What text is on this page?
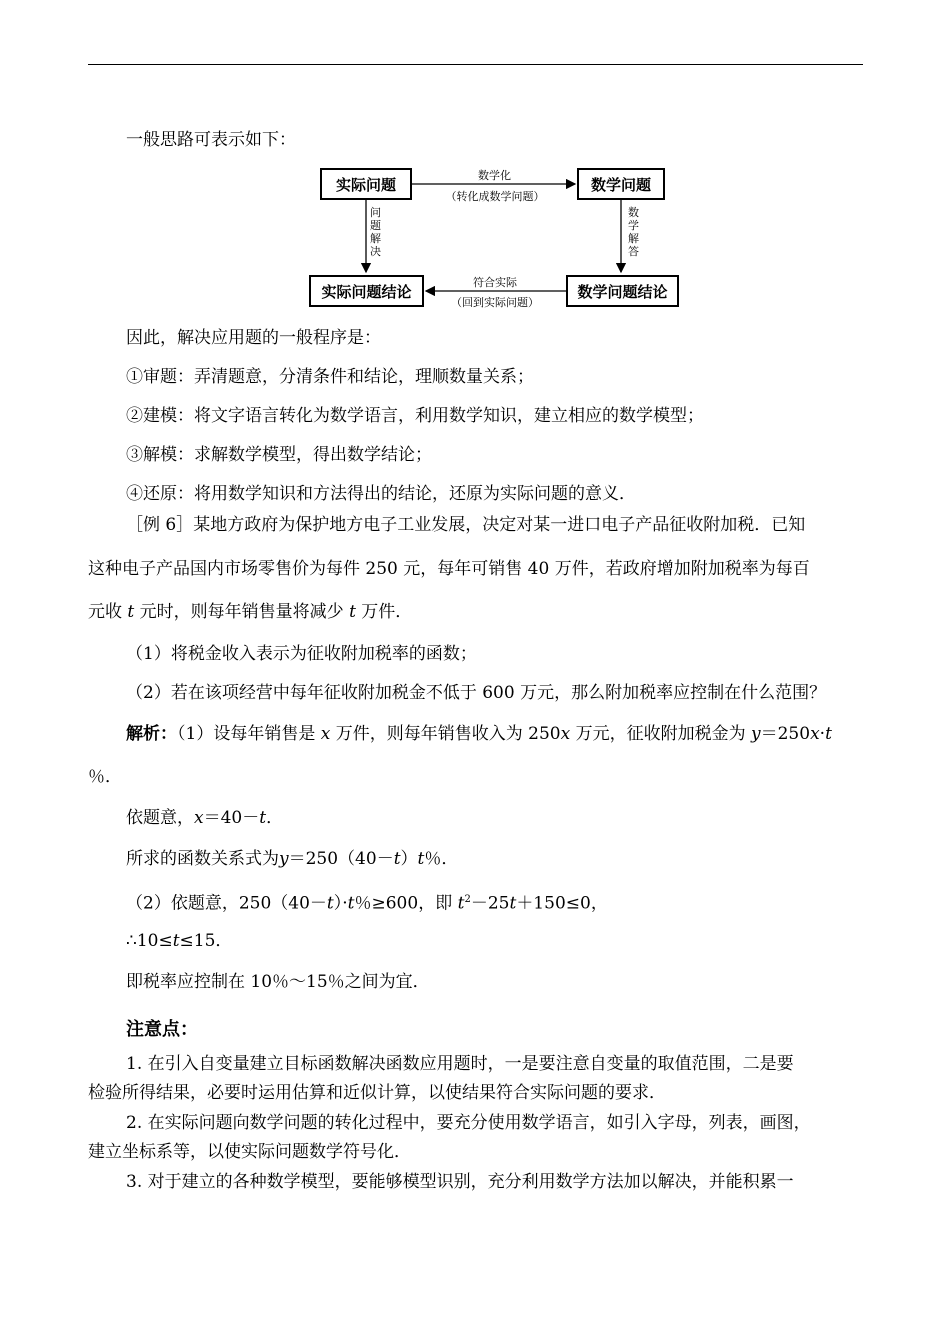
一般思路可表示如下：
实际问题	数学问题
实际问题结论	数学问题结论
数学化
（转化成数学问题）
符合实际
（回到实际问题）
问题解决
数学解答
因此，解决应用题的一般程序是：
①审题：弄清题意，分清条件和结论，理顺数量关系；
②建模：将文字语言转化为数学语言，利用数学知识，建立相应的数学模型；
③解模：求解数学模型，得出数学结论；
④还原：将用数学知识和方法得出的结论，还原为实际问题的意义．
［例 6］某地方政府为保护地方电子工业发展，决定对某一进口电子产品征收附加税．已知
这种电子产品国内市场零售价为每件 250 元，每年可销售 40 万件，若政府增加附加税率为每百
元收 t 元时，则每年销售量将减少 t 万件．
（1）将税金收入表示为征收附加税率的函数；
（2）若在该项经营中每年征收附加税金不低于 600 万元，那么附加税率应控制在什么范围？
解析：（1）设每年销售是 x 万件，则每年销售收入为 250x 万元，征收附加税金为 y＝250x·t
％．
依题意，x＝40－t．
所求的函数关系式为y＝250（40－t）t％．
（2）依题意，250（40－t）·t％≥600，即 $t^2-25t+150\le 0$，
∴10≤t≤15．
即税率应控制在 10％～15％之间为宜．
注意点：
1. 在引入自变量建立目标函数解决函数应用题时，一是要注意自变量的取值范围，二是要
检验所得结果，必要时运用估算和近似计算，以使结果符合实际问题的要求．
2. 在实际问题向数学问题的转化过程中，要充分使用数学语言，如引入字母，列表，画图，
建立坐标系等，以使实际问题数学符号化．
3. 对于建立的各种数学模型，要能够模型识别，充分利用数学方法加以解决，并能积累一
